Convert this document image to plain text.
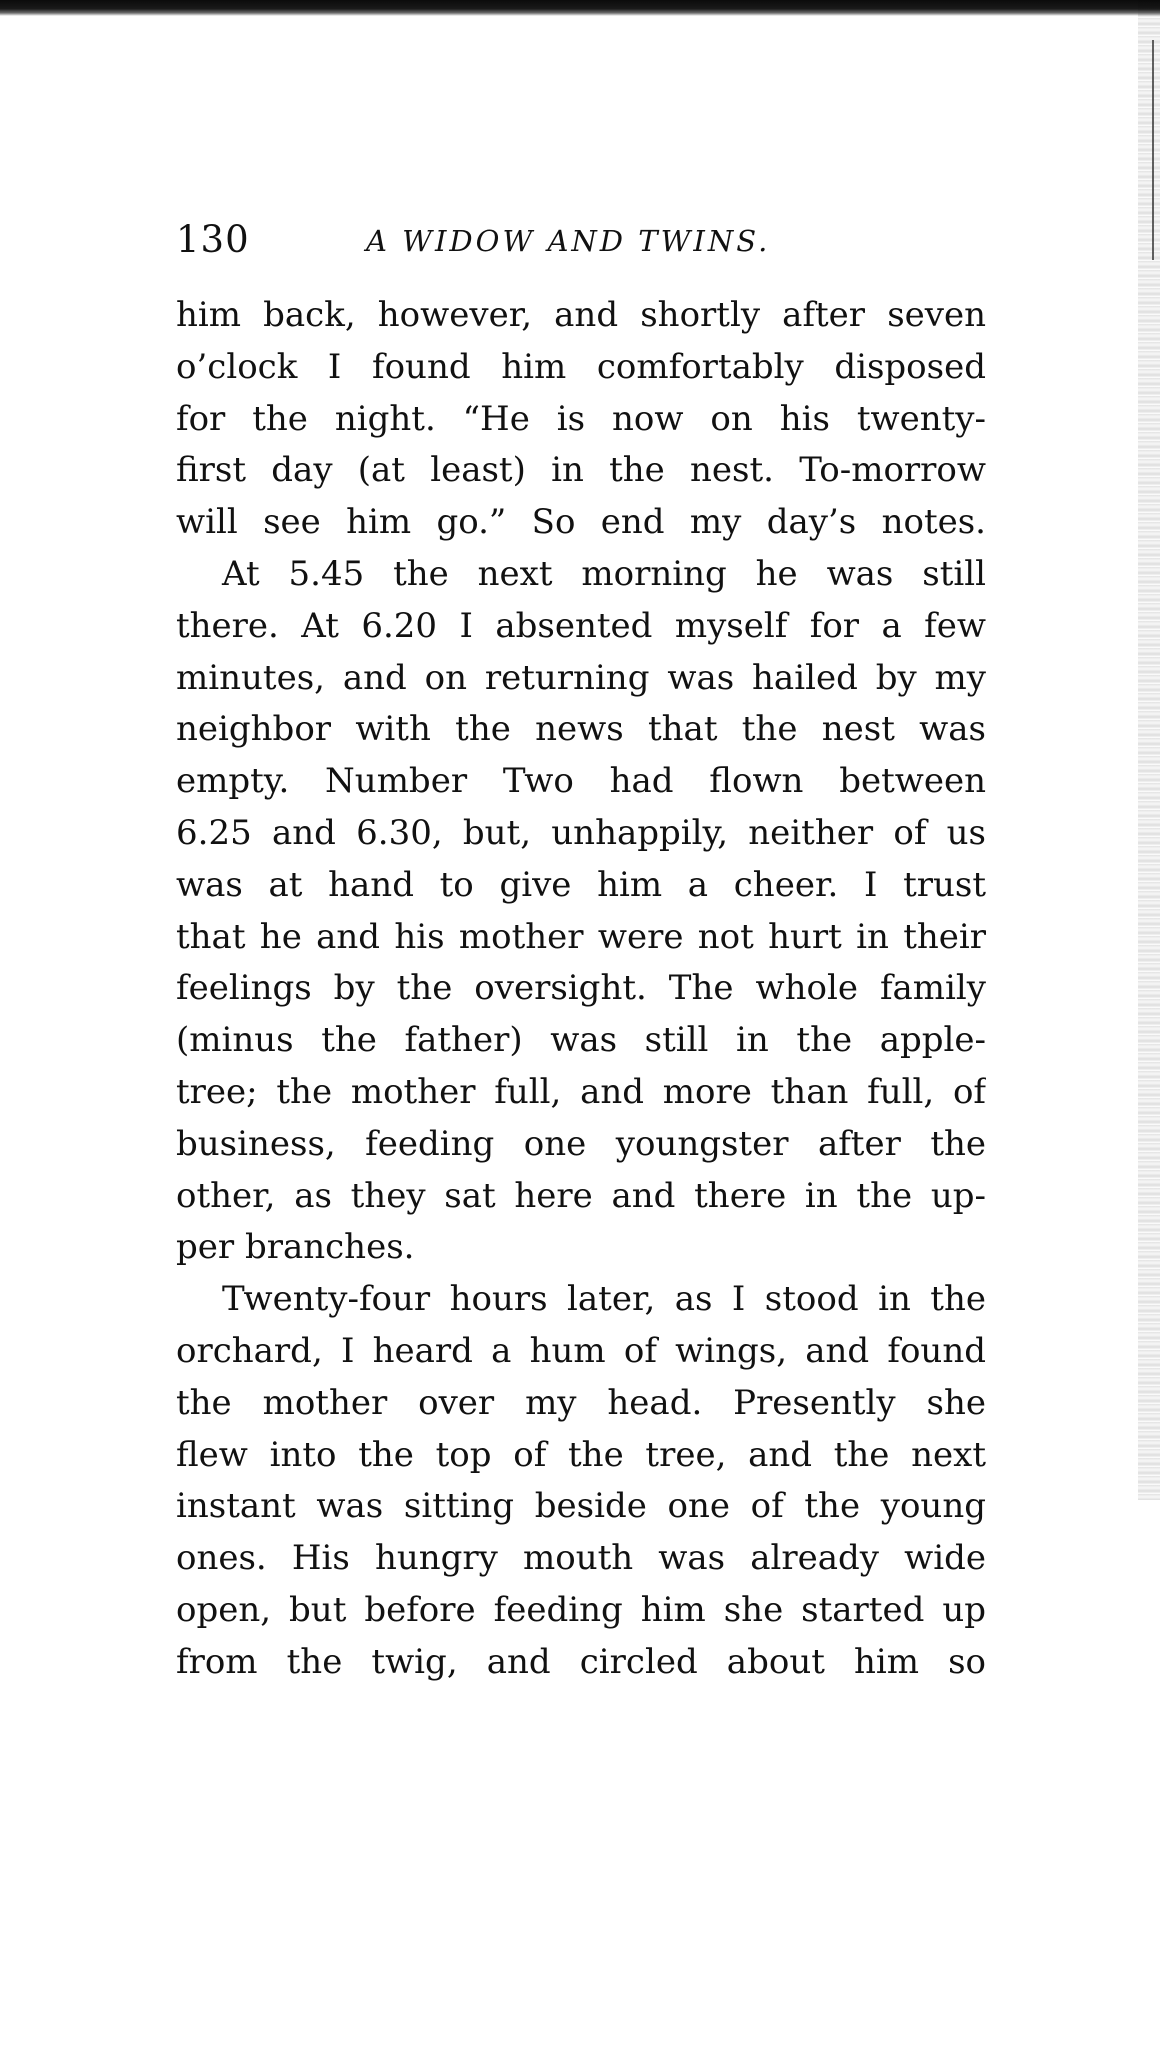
130	A WIDOW AND TWINS.
him back, however, and shortly after seven
o’clock I found him comfortably disposed
for the night. “He is now on his twenty-
first day (at least) in the nest. To-morrow
will see him go.” So end my day’s notes.
At 5.45 the next morning he was still
there. At 6.20 I absented myself for a few
minutes, and on returning was hailed by my
neighbor with the news that the nest was
empty. Number Two had flown between
6.25 and 6.30, but, unhappily, neither of us
was at hand to give him a cheer. I trust
that he and his mother were not hurt in their
feelings by the oversight. The whole family
(minus the father) was still in the apple-
tree; the mother full, and more than full, of
business, feeding one youngster after the
other, as they sat here and there in the up-
per branches.
Twenty-four hours later, as I stood in the
orchard, I heard a hum of wings, and found
the mother over my head. Presently she
flew into the top of the tree, and the next
instant was sitting beside one of the young
ones. His hungry mouth was already wide
open, but before feeding him she started up
from the twig, and circled about him so
